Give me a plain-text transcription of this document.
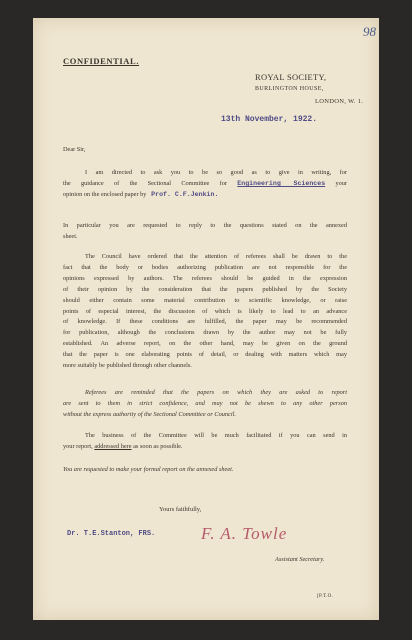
98
CONFIDENTIAL.
ROYAL SOCIETY,
BURLINGTON HOUSE,
LONDON, W. 1.
13th November, 1922.
Dear Sir,
I am directed to ask you to be so good as to give in writing, for
the guidance of the Sectional Committee for Engineering Sciences your
opinion on the enclosed paper by Prof. C.F.Jenkin.
In particular you are requested to reply to the questions stated on the annexed
sheet.
The Council have ordered that the attention of referees shall be drawn to the
fact that the body or bodies authorizing publication are not responsible for the
opinions expressed by authors. The referees should be guided in the expression
of their opinion by the consideration that the papers published by the Society
should either contain some material contribution to scientific knowledge, or raise
points of especial interest, the discussion of which is likely to lead to an advance
of knowledge. If these conditions are fulfilled, the paper may be recommended
for publication, although the conclusions drawn by the author may not be fully
established. An adverse report, on the other hand, may be given on the ground
that the paper is one elaborating points of detail, or dealing with matters which may
more suitably be published through other channels.
Referees are reminded that the papers on which they are asked to report
are sent to them in strict confidence, and may not be shewn to any other person
without the express authority of the Sectional Committee or Council.
The business of the Committee will be much facilitated if you can send in
your report, addressed here as soon as possible.
You are requested to make your formal report on the annexed sheet.
Yours faithfully,
Dr. T.E.Stanton, FRS.	F. A. Towle
Assistant Secretary.
[P.T.O.
